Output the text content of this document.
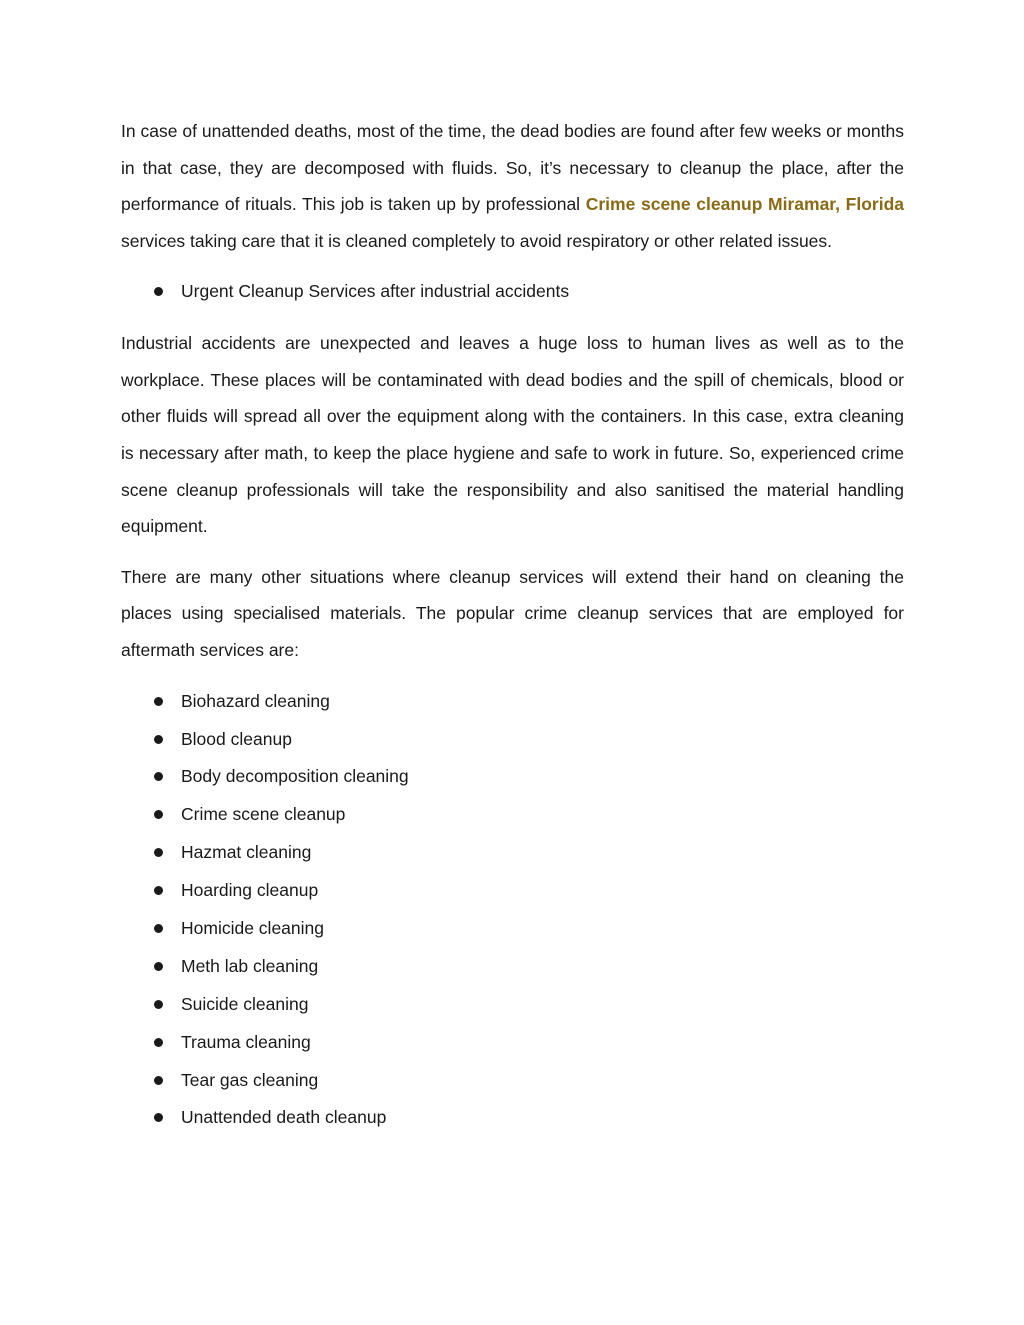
In case of unattended deaths, most of the time, the dead bodies are found after few weeks or months in that case, they are decomposed with fluids. So, it’s necessary to cleanup the place, after the performance of rituals. This job is taken up by professional Crime scene cleanup Miramar, Florida services taking care that it is cleaned completely to avoid respiratory or other related issues.

Urgent Cleanup Services after industrial accidents

Industrial accidents are unexpected and leaves a huge loss to human lives as well as to the workplace. These places will be contaminated with dead bodies and the spill of chemicals, blood or other fluids will spread all over the equipment along with the containers. In this case, extra cleaning is necessary after math, to keep the place hygiene and safe to work in future. So, experienced crime scene cleanup professionals will take the responsibility and also sanitised the material handling equipment.

There are many other situations where cleanup services will extend their hand on cleaning the places using specialised materials. The popular crime cleanup services that are employed for aftermath services are:

Biohazard cleaning
Blood cleanup
Body decomposition cleaning
Crime scene cleanup
Hazmat cleaning
Hoarding cleanup
Homicide cleaning
Meth lab cleaning
Suicide cleaning
Trauma cleaning
Tear gas cleaning
Unattended death cleanup
